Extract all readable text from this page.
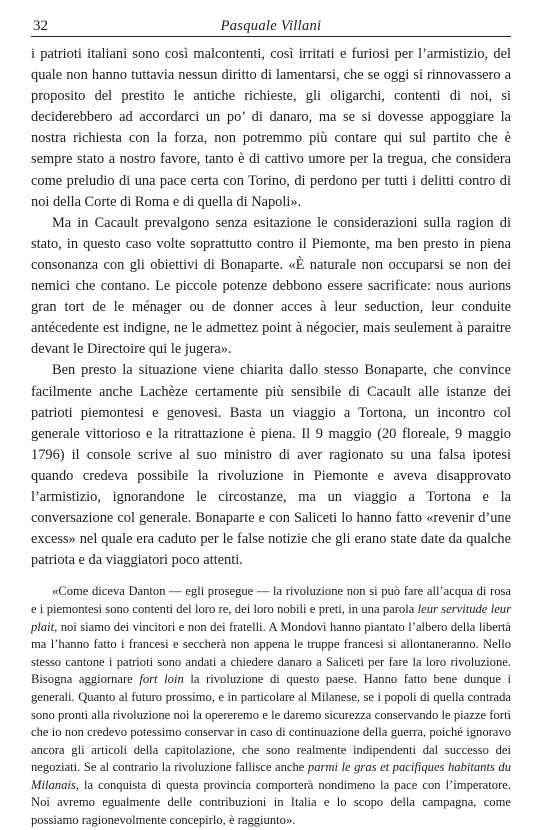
32	Pasquale Villani

i patrioti italiani sono così malcontenti, così irritati e furiosi per l’armistizio, del quale non hanno tuttavia nessun diritto di lamentarsi, che se oggi si rinnovassero a proposito del prestito le antiche richieste, gli oligarchi, contenti di noi, si deciderebbero ad accordarci un po’ di danaro, ma se si dovesse appoggiare la nostra richiesta con la forza, non potremmo più contare qui sul partito che è sempre stato a nostro favore, tanto è di cattivo umore per la tregua, che considera come preludio di una pace certa con Torino, di perdono per tutti i delitti contro di noi della Corte di Roma e di quella di Napoli».

Ma in Cacault prevalgono senza esitazione le considerazioni sulla ragion di stato, in questo caso volte soprattutto contro il Piemonte, ma ben presto in piena consonanza con gli obiettivi di Bonaparte. «È naturale non occuparsi se non dei nemici che contano. Le piccole potenze debbono essere sacrificate: nous aurions gran tort de le ménager ou de donner acces à leur seduction, leur conduite antécedente est indigne, ne le admettez point à négocier, mais seulement à paraitre devant le Directoire qui le jugera».

Ben presto la situazione viene chiarita dallo stesso Bonaparte, che convince facilmente anche Lachèze certamente più sensibile di Cacault alle istanze dei patrioti piemontesi e genovesi. Basta un viaggio a Tortona, un incontro col generale vittorioso e la ritrattazione è piena. Il 9 maggio (20 floreale, 9 maggio 1796) il console scrive al suo ministro di aver ragionato su una falsa ipotesi quando credeva possibile la rivoluzione in Piemonte e aveva disapprovato l’armistizio, ignorandone le circostanze, ma un viaggio a Tortona e la conversazione col generale. Bonaparte e con Saliceti lo hanno fatto «revenir d’une excess» nel quale era caduto per le false notizie che gli erano state date da qualche patriota e da viaggiatori poco attenti.

«Come diceva Danton — egli prosegue — la rivoluzione non si può fare all’acqua di rosa e i piemontesi sono contenti del loro re, dei loro nobili e preti, in una parola leur servitude leur plait, noi siamo dei vincitori e non dei fratelli. A Mondovì hanno piantato l’albero della libertà ma l’hanno fatto i francesi e seccherà non appena le truppe francesi si allontaneranno. Nello stesso cantone i patrioti sono andati a chiedere danaro a Saliceti per fare la loro rivoluzione. Bisogna aggiornare fort loin la rivoluzione di questo paese. Hanno fatto bene dunque i generali. Quanto al futuro prossimo, e in particolare al Milanese, se i popoli di quella contrada sono pronti alla rivoluzione noi la opereremo e le daremo sicurezza conservando le piazze forti che io non credevo potessimo conservar in caso di continuazione della guerra, poiché ignoravo ancora gli articoli della capitolazione, che sono realmente indipendenti dal successo dei negoziati. Se al contrario la rivoluzione fallisce anche parmi le gras et pacifiques habitants du Milanais, la conquista di questa provincia comporterà nondimeno la pace con l’imperatore. Noi avremo egualmente delle contribuzioni in Italia e lo scopo della campagna, come possiamo ragionevolmente concepirlo, è raggiunto».
